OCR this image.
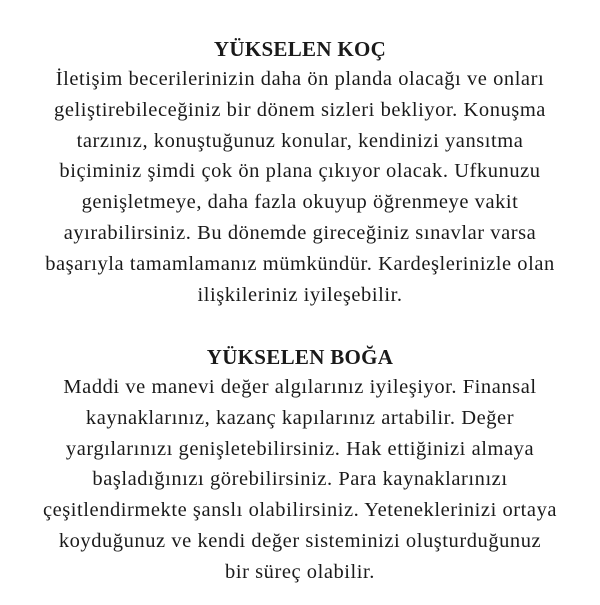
YÜKSELEN KOÇ
İletişim becerilerinizin daha ön planda olacağı ve onları
geliştirebileceğiniz bir dönem sizleri bekliyor. Konuşma
tarzınız, konuştuğunuz konular, kendinizi yansıtma
biçiminiz şimdi çok ön plana çıkıyor olacak. Ufkunuzu
genişletmeye, daha fazla okuyup öğrenmeye vakit
ayırabilirsiniz. Bu dönemde gireceğiniz sınavlar varsa
başarıyla tamamlamanız mümkündür. Kardeşlerinizle olan
ilişkileriniz iyileşebilir.
YÜKSELEN BOĞA
Maddi ve manevi değer algılarınız iyileşiyor. Finansal
kaynaklarınız, kazanç kapılarınız artabilir. Değer
yargılarınızı genişletebilirsiniz. Hak ettiğinizi almaya
başladığınızı görebilirsiniz. Para kaynaklarınızı
çeşitlendirmekte şanslı olabilirsiniz. Yeteneklerinizi ortaya
koyduğunuz ve kendi değer sisteminizi oluşturduğunuz
bir süreç olabilir.
